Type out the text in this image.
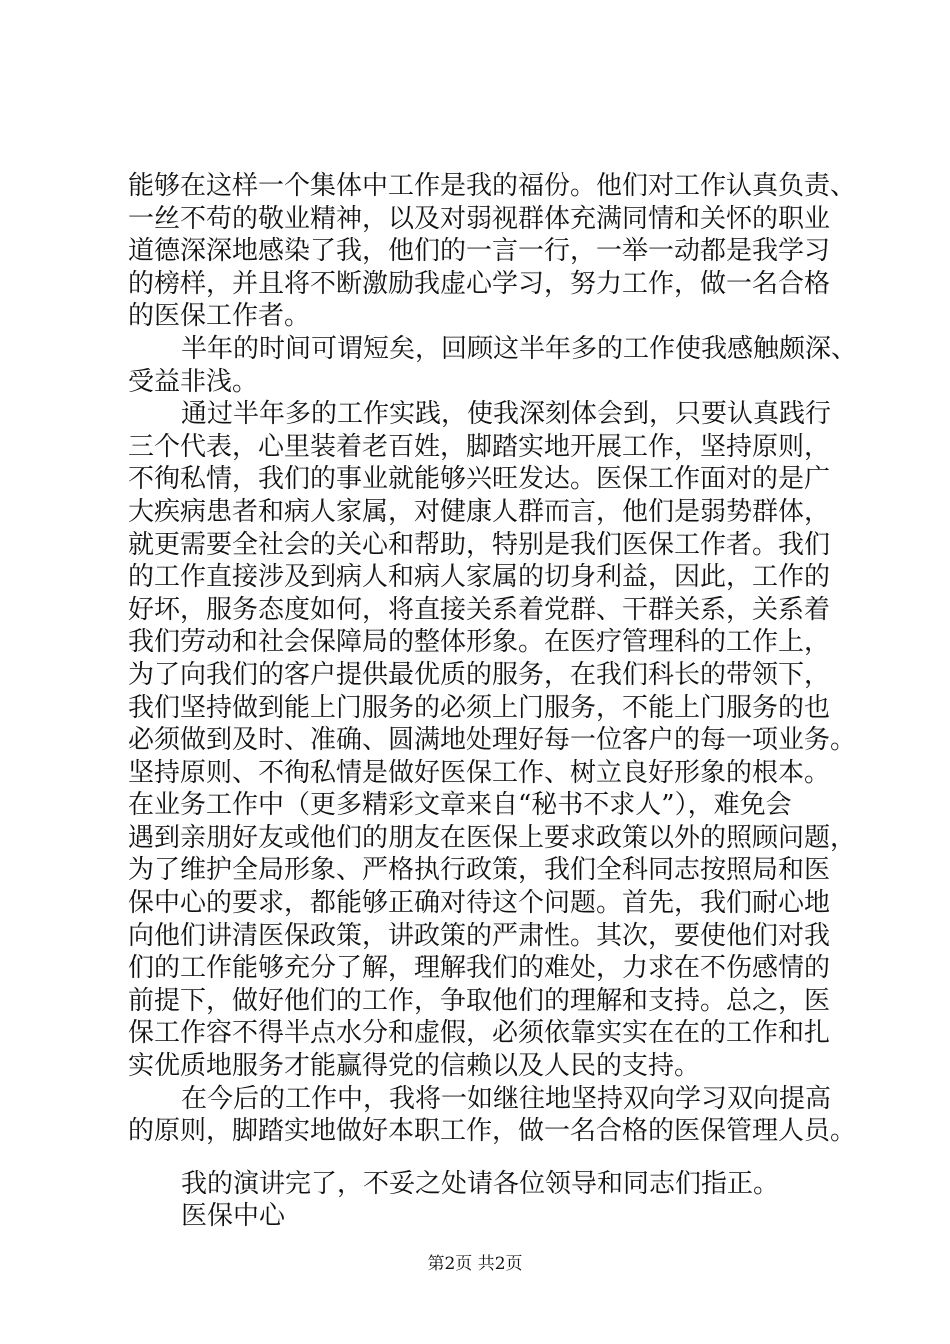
能够在这样一个集体中工作是我的福份。他们对工作认真负责、
一丝不苟的敬业精神，以及对弱视群体充满同情和关怀的职业
道德深深地感染了我，他们的一言一行，一举一动都是我学习
的榜样，并且将不断激励我虚心学习，努力工作，做一名合格
的医保工作者。
半年的时间可谓短矣，回顾这半年多的工作使我感触颇深、
受益非浅。
通过半年多的工作实践，使我深刻体会到，只要认真践行
三个代表，心里装着老百姓，脚踏实地开展工作，坚持原则，
不徇私情，我们的事业就能够兴旺发达。医保工作面对的是广
大疾病患者和病人家属，对健康人群而言，他们是弱势群体，
就更需要全社会的关心和帮助，特别是我们医保工作者。我们
的工作直接涉及到病人和病人家属的切身利益，因此，工作的
好坏，服务态度如何，将直接关系着党群、干群关系，关系着
我们劳动和社会保障局的整体形象。在医疗管理科的工作上，
为了向我们的客户提供最优质的服务，在我们科长的带领下，
我们坚持做到能上门服务的必须上门服务，不能上门服务的也
必须做到及时、准确、圆满地处理好每一位客户的每一项业务。
坚持原则、不徇私情是做好医保工作、树立良好形象的根本。
在业务工作中（更多精彩文章来自“秘书不求人”），难免会
遇到亲朋好友或他们的朋友在医保上要求政策以外的照顾问题，
为了维护全局形象、严格执行政策，我们全科同志按照局和医
保中心的要求，都能够正确对待这个问题。首先，我们耐心地
向他们讲清医保政策，讲政策的严肃性。其次，要使他们对我
们的工作能够充分了解，理解我们的难处，力求在不伤感情的
前提下，做好他们的工作，争取他们的理解和支持。总之，医
保工作容不得半点水分和虚假，必须依靠实实在在的工作和扎
实优质地服务才能赢得党的信赖以及人民的支持。
在今后的工作中，我将一如继往地坚持双向学习双向提高
的原则，脚踏实地做好本职工作，做一名合格的医保管理人员。
我的演讲完了，不妥之处请各位领导和同志们指正。
医保中心
第2页 共2页
